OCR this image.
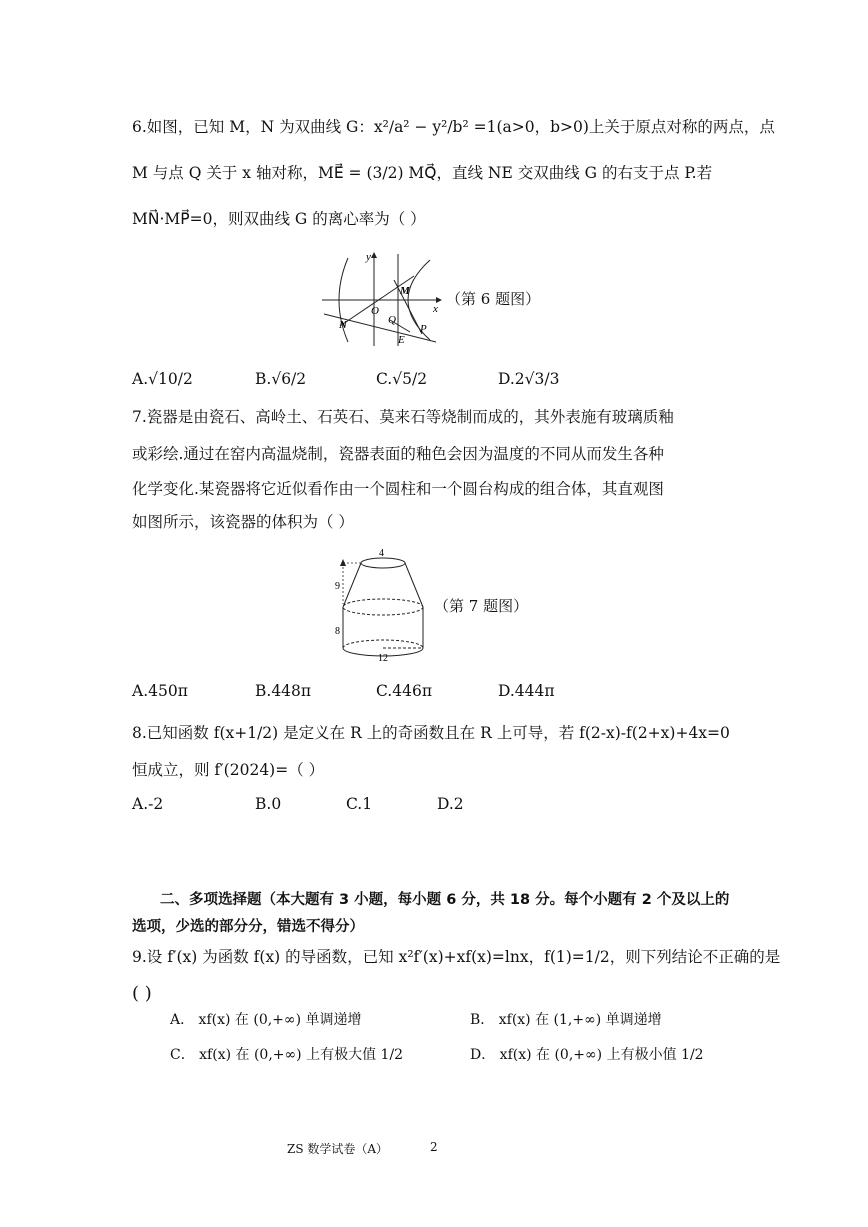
6.如图，已知 M，N 为双曲线 G：x²/a² − y²/b² =1(a>0，b>0)上关于原点对称的两点，点
M 与点 Q 关于 x 轴对称，ME⃗ = (3/2) MQ⃗，直线 NE 交双曲线 G 的右支于点 P.若
MN⃗·MP⃗=0，则双曲线 G 的离心率为（ ）
y
x
M
O
Q
N
E
P
（第 6 题图）
A.√10/2	B.√6/2	C.√5/2	D.2√3/3
7.瓷器是由瓷石、高岭土、石英石、莫来石等烧制而成的，其外表施有玻璃质釉
或彩绘.通过在窑内高温烧制，瓷器表面的釉色会因为温度的不同从而发生各种
化学变化.某瓷器将它近似看作由一个圆柱和一个圆台构成的组合体，其直观图
如图所示，该瓷器的体积为（ ）
4
9
8
12
（第 7 题图）
A.450π	B.448π	C.446π	D.444π
8.已知函数 f(x+1/2) 是定义在 R 上的奇函数且在 R 上可导，若 f(2-x)-f(2+x)+4x=0
恒成立，则 f′(2024)=（ ）
A.-2	B.0	C.1	D.2
二、多项选择题（本大题有 3 小题，每小题 6 分，共 18 分。每个小题有 2 个及以上的
选项，少选的部分分，错选不得分）
9.设 f′(x) 为函数 f(x) 的导函数，已知 x²f′(x)+xf(x)=lnx，f(1)=1/2，则下列结论不正确的是
( )
A． xf(x) 在 (0,+∞) 单调递增	B． xf(x) 在 (1,+∞) 单调递增
C． xf(x) 在 (0,+∞) 上有极大值 1/2	D． xf(x) 在 (0,+∞) 上有极小值 1/2
ZS 数学试卷（A）	2
